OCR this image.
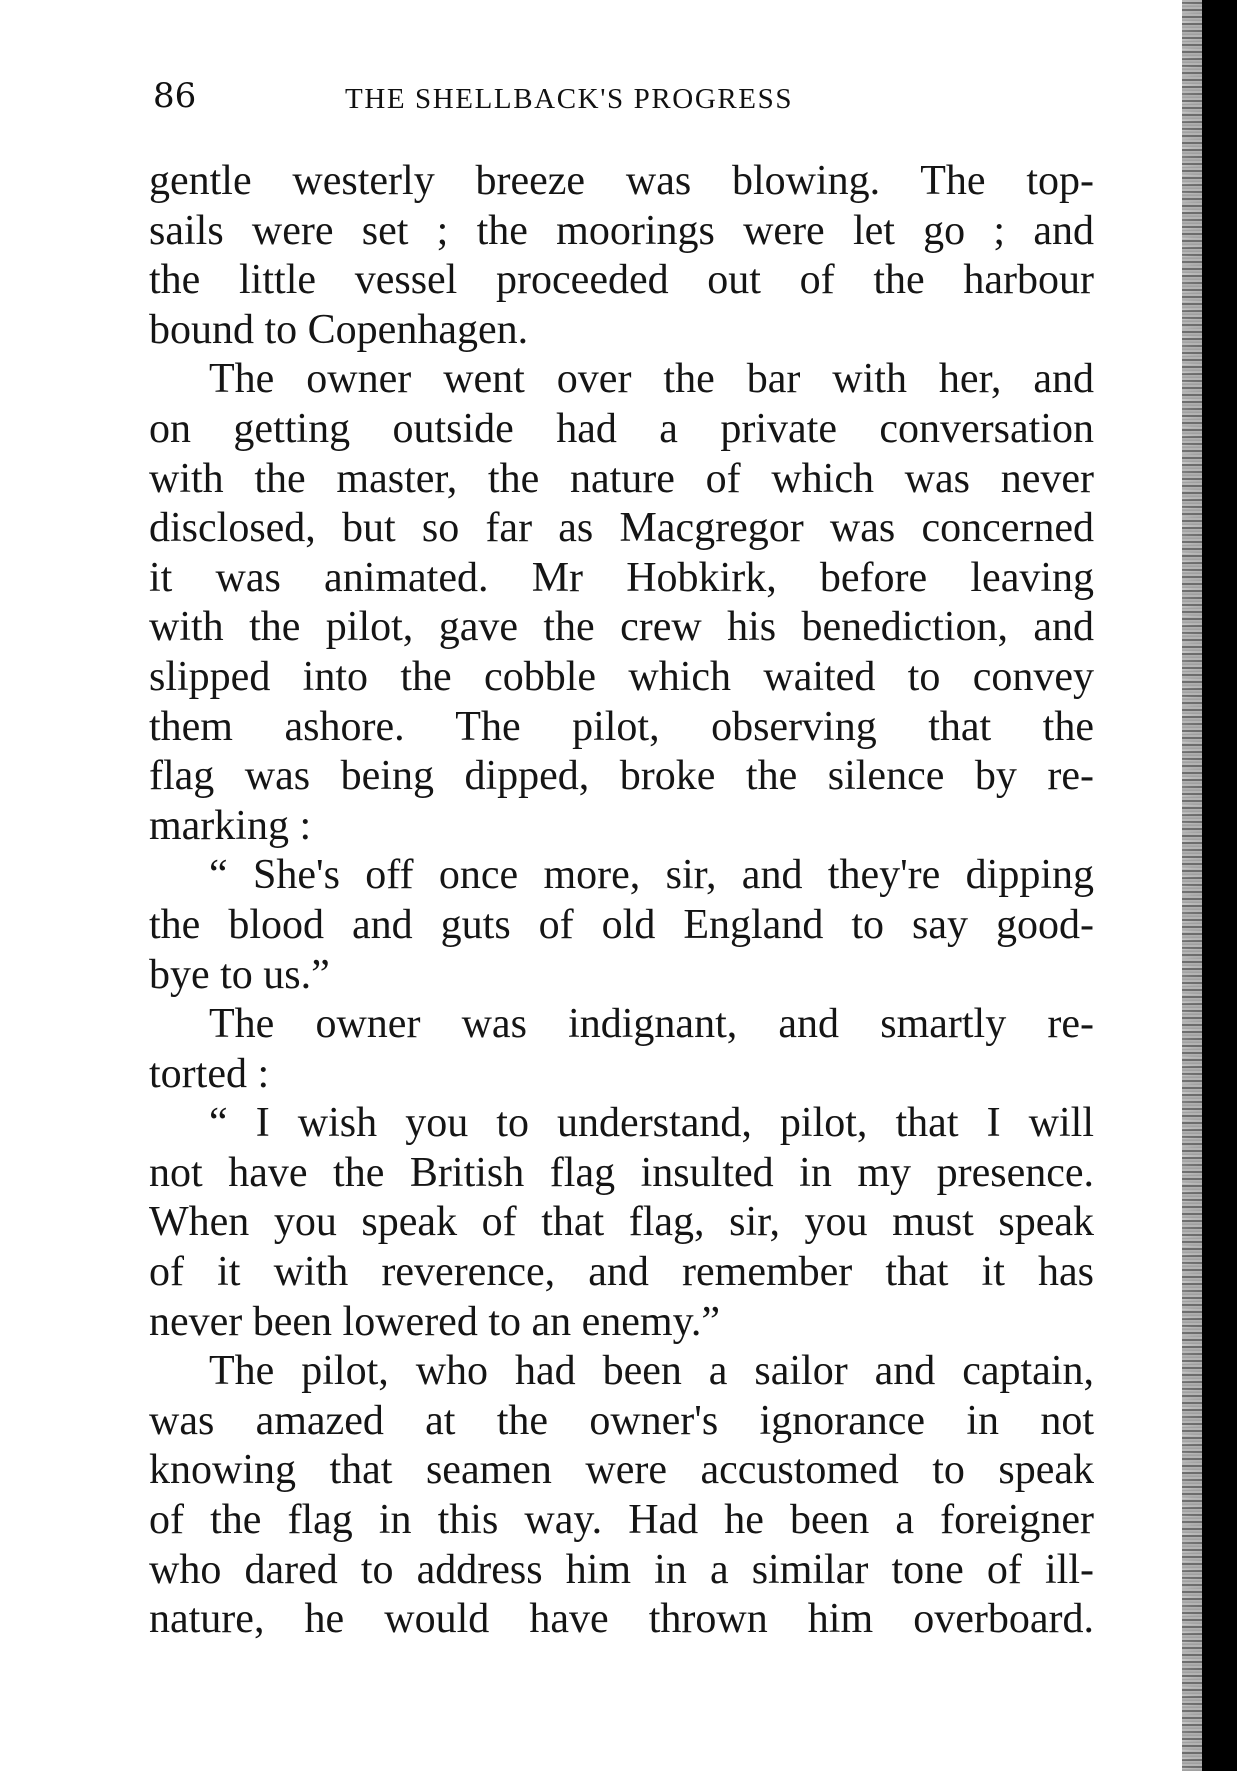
86	THE SHELLBACK'S PROGRESS
gentle westerly breeze was blowing. The top-
sails were set ; the moorings were let go ; and
the little vessel proceeded out of the harbour
bound to Copenhagen.
The owner went over the bar with her, and
on getting outside had a private conversation
with the master, the nature of which was never
disclosed, but so far as Macgregor was concerned
it was animated. Mr Hobkirk, before leaving
with the pilot, gave the crew his benediction, and
slipped into the cobble which waited to convey
them ashore. The pilot, observing that the
flag was being dipped, broke the silence by re-
marking :
“ She's off once more, sir, and they're dipping
the blood and guts of old England to say good-
bye to us.”
The owner was indignant, and smartly re-
torted :
“ I wish you to understand, pilot, that I will
not have the British flag insulted in my presence.
When you speak of that flag, sir, you must speak
of it with reverence, and remember that it has
never been lowered to an enemy.”
The pilot, who had been a sailor and captain,
was amazed at the owner's ignorance in not
knowing that seamen were accustomed to speak
of the flag in this way. Had he been a foreigner
who dared to address him in a similar tone of ill-
nature, he would have thrown him overboard.
